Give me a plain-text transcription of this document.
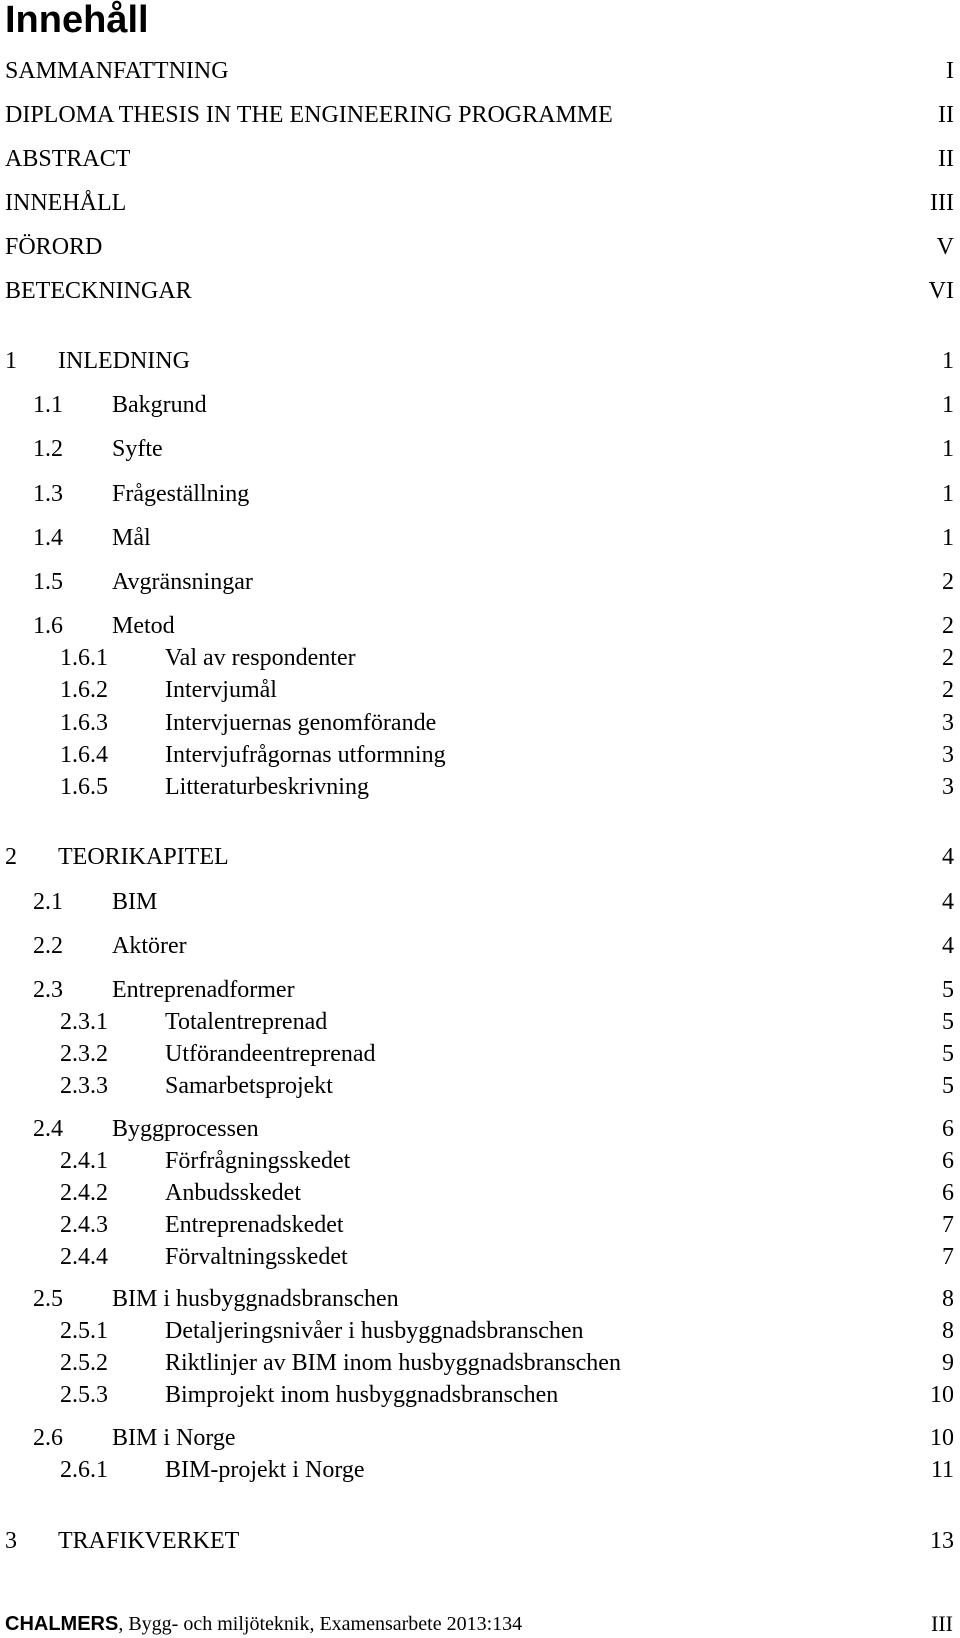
Innehåll
SAMMANFATTNING	I
DIPLOMA THESIS IN THE ENGINEERING PROGRAMME	II
ABSTRACT	II
INNEHÅLL	III
FÖRORD	V
BETECKNINGAR	VI
1 INLEDNING	1
1.1 Bakgrund	1
1.2 Syfte	1
1.3 Frågeställning	1
1.4 Mål	1
1.5 Avgränsningar	2
1.6 Metod	2
1.6.1 Val av respondenter	2
1.6.2 Intervjumål	2
1.6.3 Intervjuernas genomförande	3
1.6.4 Intervjufrågornas utformning	3
1.6.5 Litteraturbeskrivning	3
2 TEORIKAPITEL	4
2.1 BIM	4
2.2 Aktörer	4
2.3 Entreprenadformer	5
2.3.1 Totalentreprenad	5
2.3.2 Utförandeentreprenad	5
2.3.3 Samarbetsprojekt	5
2.4 Byggprocessen	6
2.4.1 Förfrågningsskedet	6
2.4.2 Anbudsskedet	6
2.4.3 Entreprenadskedet	7
2.4.4 Förvaltningsskedet	7
2.5 BIM i husbyggnadsbranschen	8
2.5.1 Detaljeringsnivåer i husbyggnadsbranschen	8
2.5.2 Riktlinjer av BIM inom husbyggnadsbranschen	9
2.5.3 Bimprojekt inom husbyggnadsbranschen	10
2.6 BIM i Norge	10
2.6.1 BIM-projekt i Norge	11
3 TRAFIKVERKET	13
CHALMERS, Bygg- och miljöteknik, Examensarbete 2013:134	III
